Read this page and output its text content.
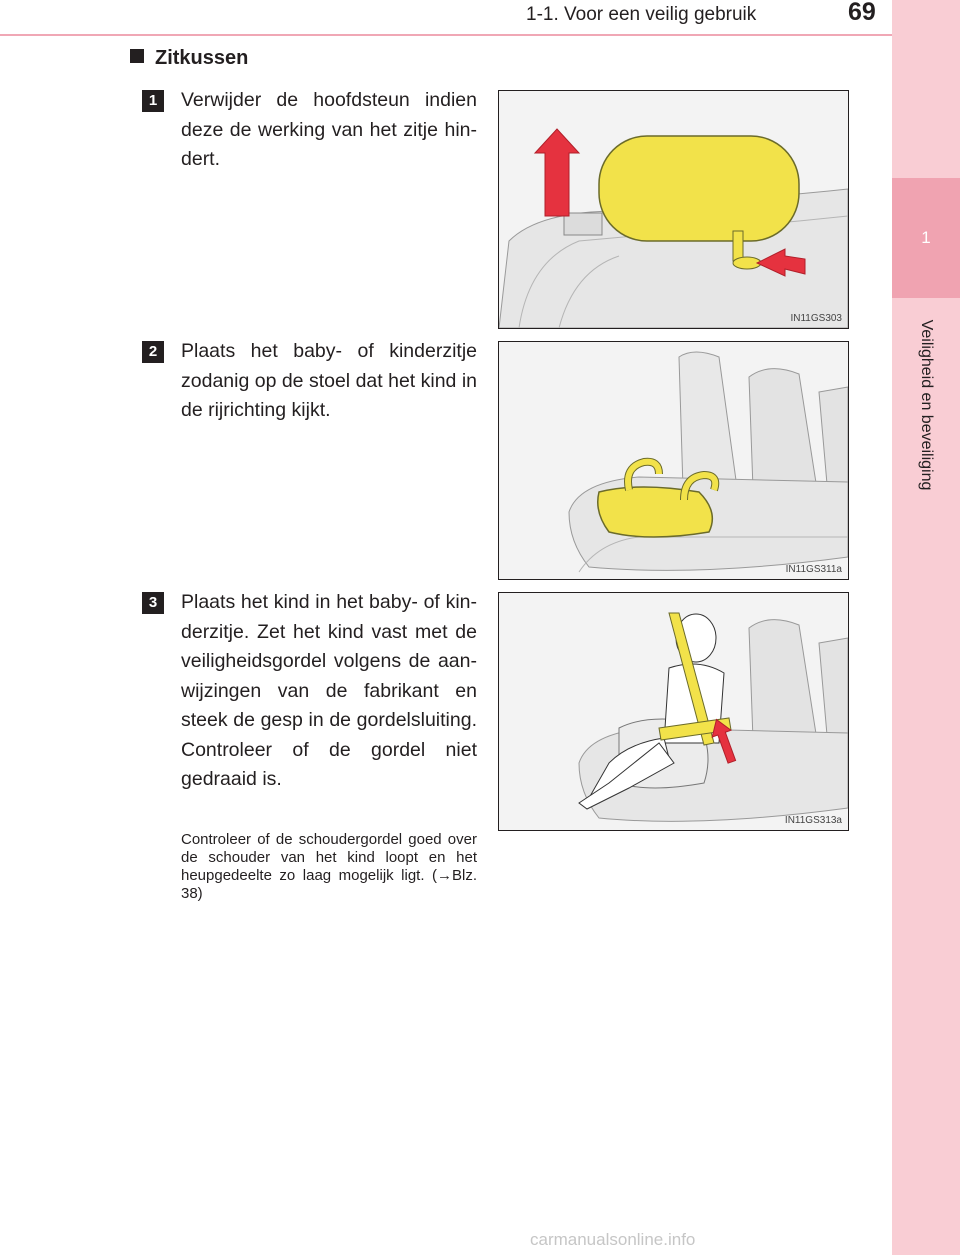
1-1. Voor een veilig gebruik	69
1
Veiligheid en beveiliging
Zitkussen
1	Verwijder de hoofdsteun indien deze de werking van het zitje hin-dert.
IN11GS303
2	Plaats het baby- of kinderzitje zodanig op de stoel dat het kind in de rijrichting kijkt.
IN11GS311a
3	Plaats het kind in het baby- of kin-derzitje. Zet het kind vast met de veiligheidsgordel volgens de aan-wijzingen van de fabrikant en steek de gesp in de gordelsluiting. Controleer of de gordel niet gedraaid is.
Controleer of de schoudergordel goed over de schouder van het kind loopt en het heupgedeelte zo laag mogelijk ligt. (→Blz. 38)
IN11GS313a
carmanualsonline.info
